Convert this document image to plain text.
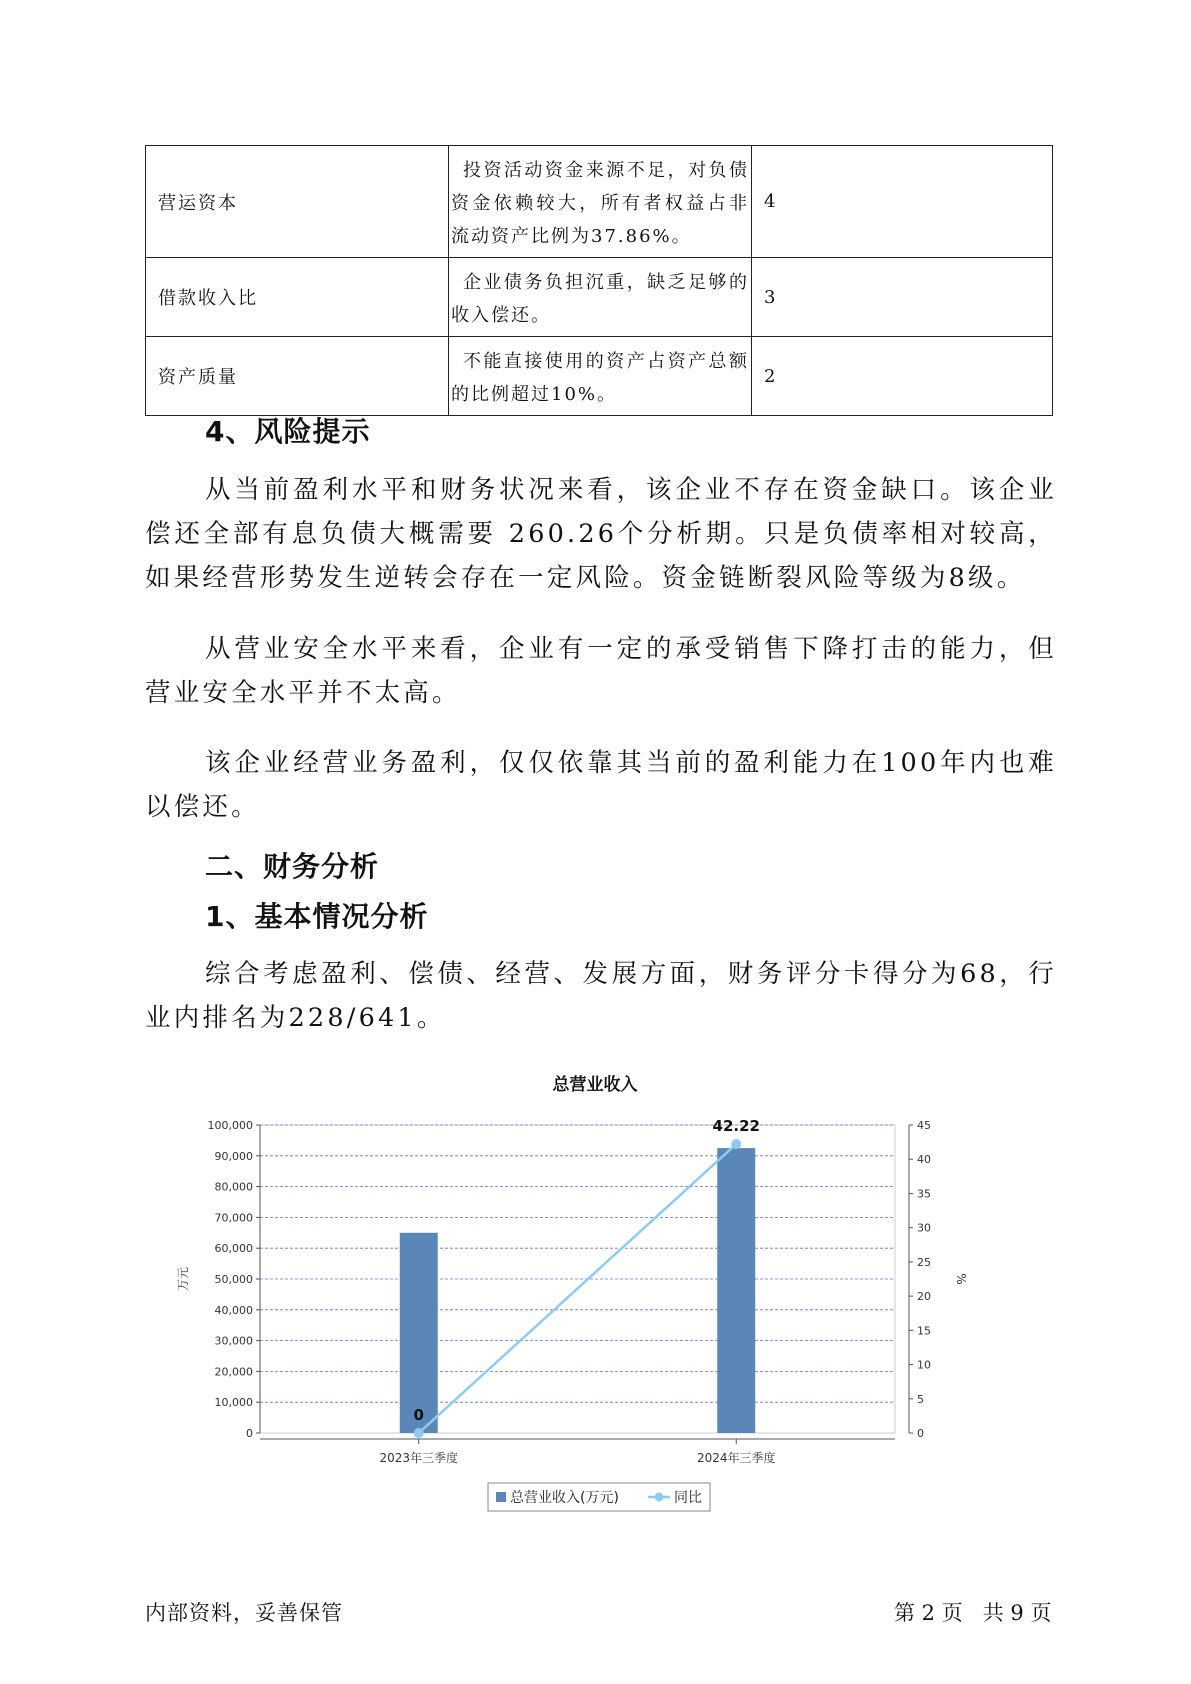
营运资本	投资活动资金来源不足，对负债资金依赖较大，所有者权益占非流动资产比例为37.86%。	4
借款收入比	企业债务负担沉重，缺乏足够的收入偿还。	3
资产质量	不能直接使用的资产占资产总额的比例超过10%。	2
4、风险提示

从当前盈利水平和财务状况来看，该企业不存在资金缺口。该企业偿还全部有息负债大概需要 260.26个分析期。只是负债率相对较高，如果经营形势发生逆转会存在一定风险。资金链断裂风险等级为8级。

从营业安全水平来看，企业有一定的承受销售下降打击的能力，但营业安全水平并不太高。

该企业经营业务盈利，仅仅依靠其当前的盈利能力在100年内也难以偿还。

二、财务分析
1、基本情况分析

综合考虑盈利、偿债、经营、发展方面，财务评分卡得分为68，行业内排名为228/641。

总营业收入
0
10,000
20,000
30,000
40,000
50,000
60,000
70,000
80,000
90,000
100,000
0
5
10
15
20
25
30
35
40
45
万元	%
2023年三季度	2024年三季度
0
42.22
总营业收入(万元)	同比
内部资料，妥善保管	第 2 页   共 9 页
